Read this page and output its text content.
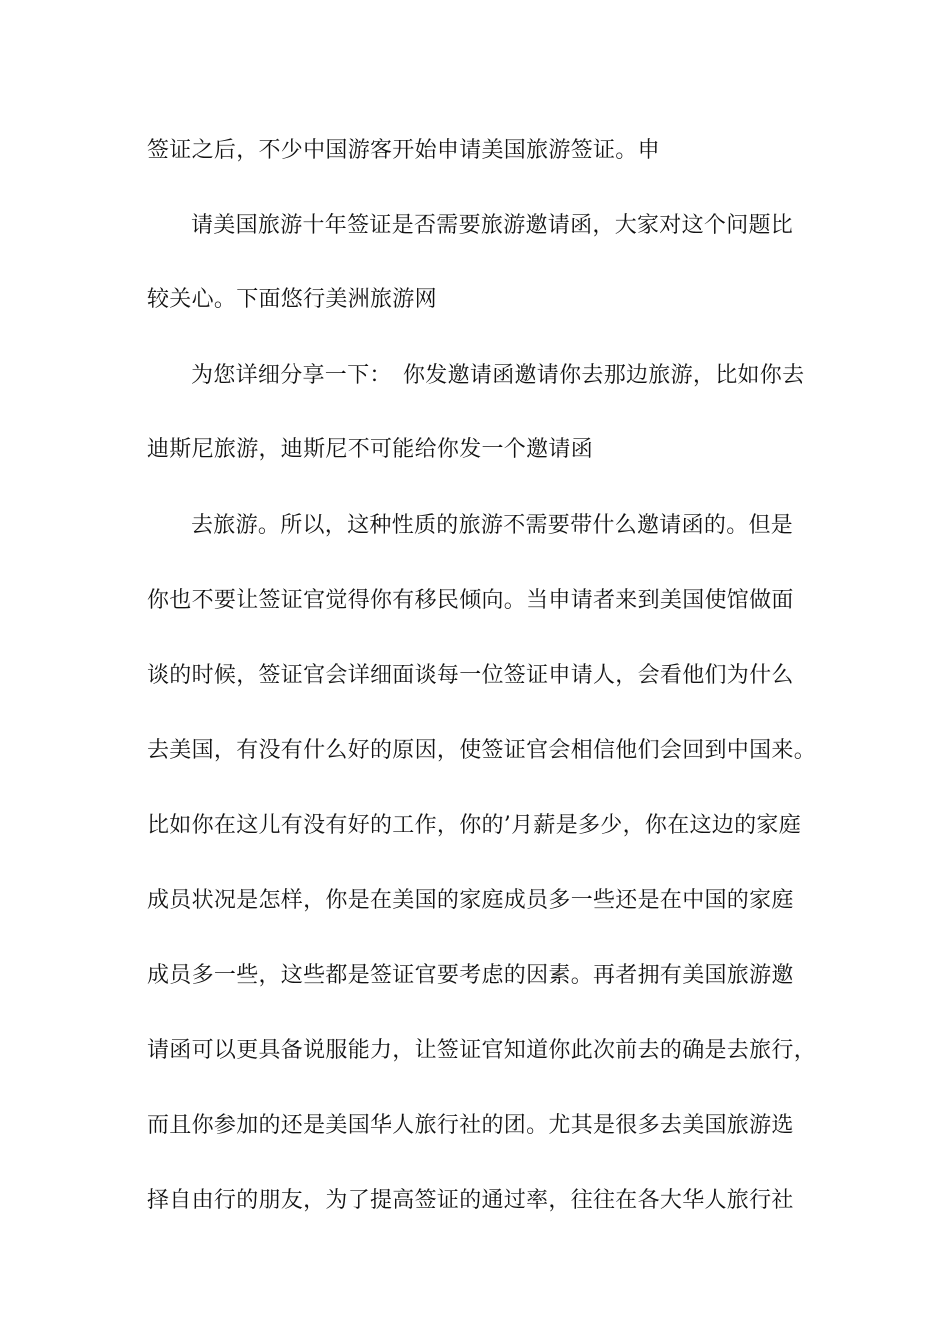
签证之后，不少中国游客开始申请美国旅游签证。申
请美国旅游十年签证是否需要旅游邀请函，大家对这个问题比
较关心。下面悠行美洲旅游网
为您详细分享一下：　你发邀请函邀请你去那边旅游，比如你去
迪斯尼旅游，迪斯尼不可能给你发一个邀请函
去旅游。所以，这种性质的旅游不需要带什么邀请函的。但是
你也不要让签证官觉得你有移民倾向。当申请者来到美国使馆做面
谈的时候，签证官会详细面谈每一位签证申请人，会看他们为什么
去美国，有没有什么好的原因，使签证官会相信他们会回到中国来。
比如你在这儿有没有好的工作，你的’月薪是多少，你在这边的家庭
成员状况是怎样，你是在美国的家庭成员多一些还是在中国的家庭
成员多一些，这些都是签证官要考虑的因素。再者拥有美国旅游邀
请函可以更具备说服能力，让签证官知道你此次前去的确是去旅行，
而且你参加的还是美国华人旅行社的团。尤其是很多去美国旅游选
择自由行的朋友，为了提高签证的通过率，往往在各大华人旅行社
